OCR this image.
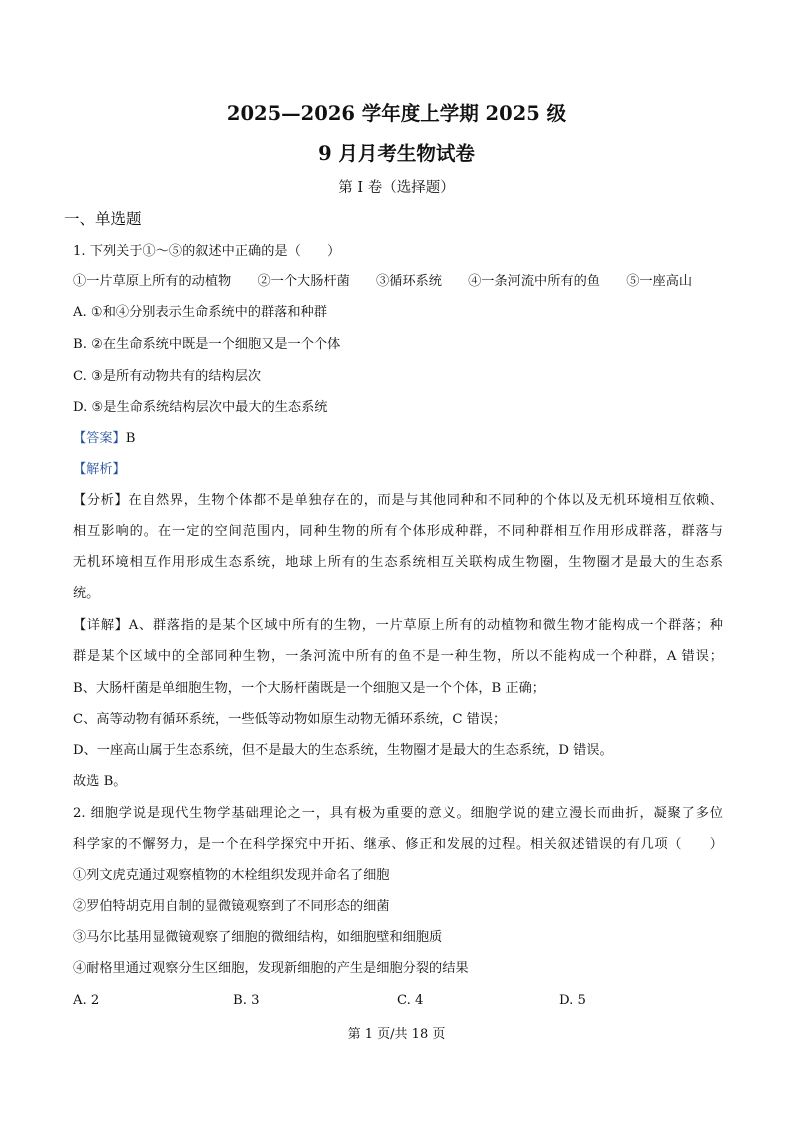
2025—2026 学年度上学期 2025 级
9 月月考生物试卷
第 I 卷（选择题）
一、单选题
1. 下列关于①～⑤的叙述中正确的是（　　）
①一片草原上所有的动植物 ②一个大肠杆菌 ③循环系统 ④一条河流中所有的鱼 ⑤一座高山
A. ①和④分别表示生命系统中的群落和种群
B. ②在生命系统中既是一个细胞又是一个个体
C. ③是所有动物共有的结构层次
D. ⑤是生命系统结构层次中最大的生态系统
【答案】B
【解析】
【分析】在自然界，生物个体都不是单独存在的，而是与其他同种和不同种的个体以及无机环境相互依赖、
相互影响的。在一定的空间范围内，同种生物的所有个体形成种群，不同种群相互作用形成群落，群落与
无机环境相互作用形成生态系统，地球上所有的生态系统相互关联构成生物圈，生物圈才是最大的生态系
统。
【详解】A、群落指的是某个区域中所有的生物，一片草原上所有的动植物和微生物才能构成一个群落；种
群是某个区域中的全部同种生物，一条河流中所有的鱼不是一种生物，所以不能构成一个种群，A 错误；
B、大肠杆菌是单细胞生物，一个大肠杆菌既是一个细胞又是一个个体，B 正确；
C、高等动物有循环系统，一些低等动物如原生动物无循环系统，C 错误；
D、一座高山属于生态系统，但不是最大的生态系统，生物圈才是最大的生态系统，D 错误。
故选 B。
2. 细胞学说是现代生物学基础理论之一，具有极为重要的意义。细胞学说的建立漫长而曲折，凝聚了多位
科学家的不懈努力，是一个在科学探究中开拓、继承、修正和发展的过程。相关叙述错误的有几项（　　）
①列文虎克通过观察植物的木栓组织发现并命名了细胞
②罗伯特胡克用自制的显微镜观察到了不同形态的细菌
③马尔比基用显微镜观察了细胞的微细结构，如细胞壁和细胞质
④耐格里通过观察分生区细胞，发现新细胞的产生是细胞分裂的结果
A. 2	B. 3	C. 4	D. 5
第 1 页/共 18 页
